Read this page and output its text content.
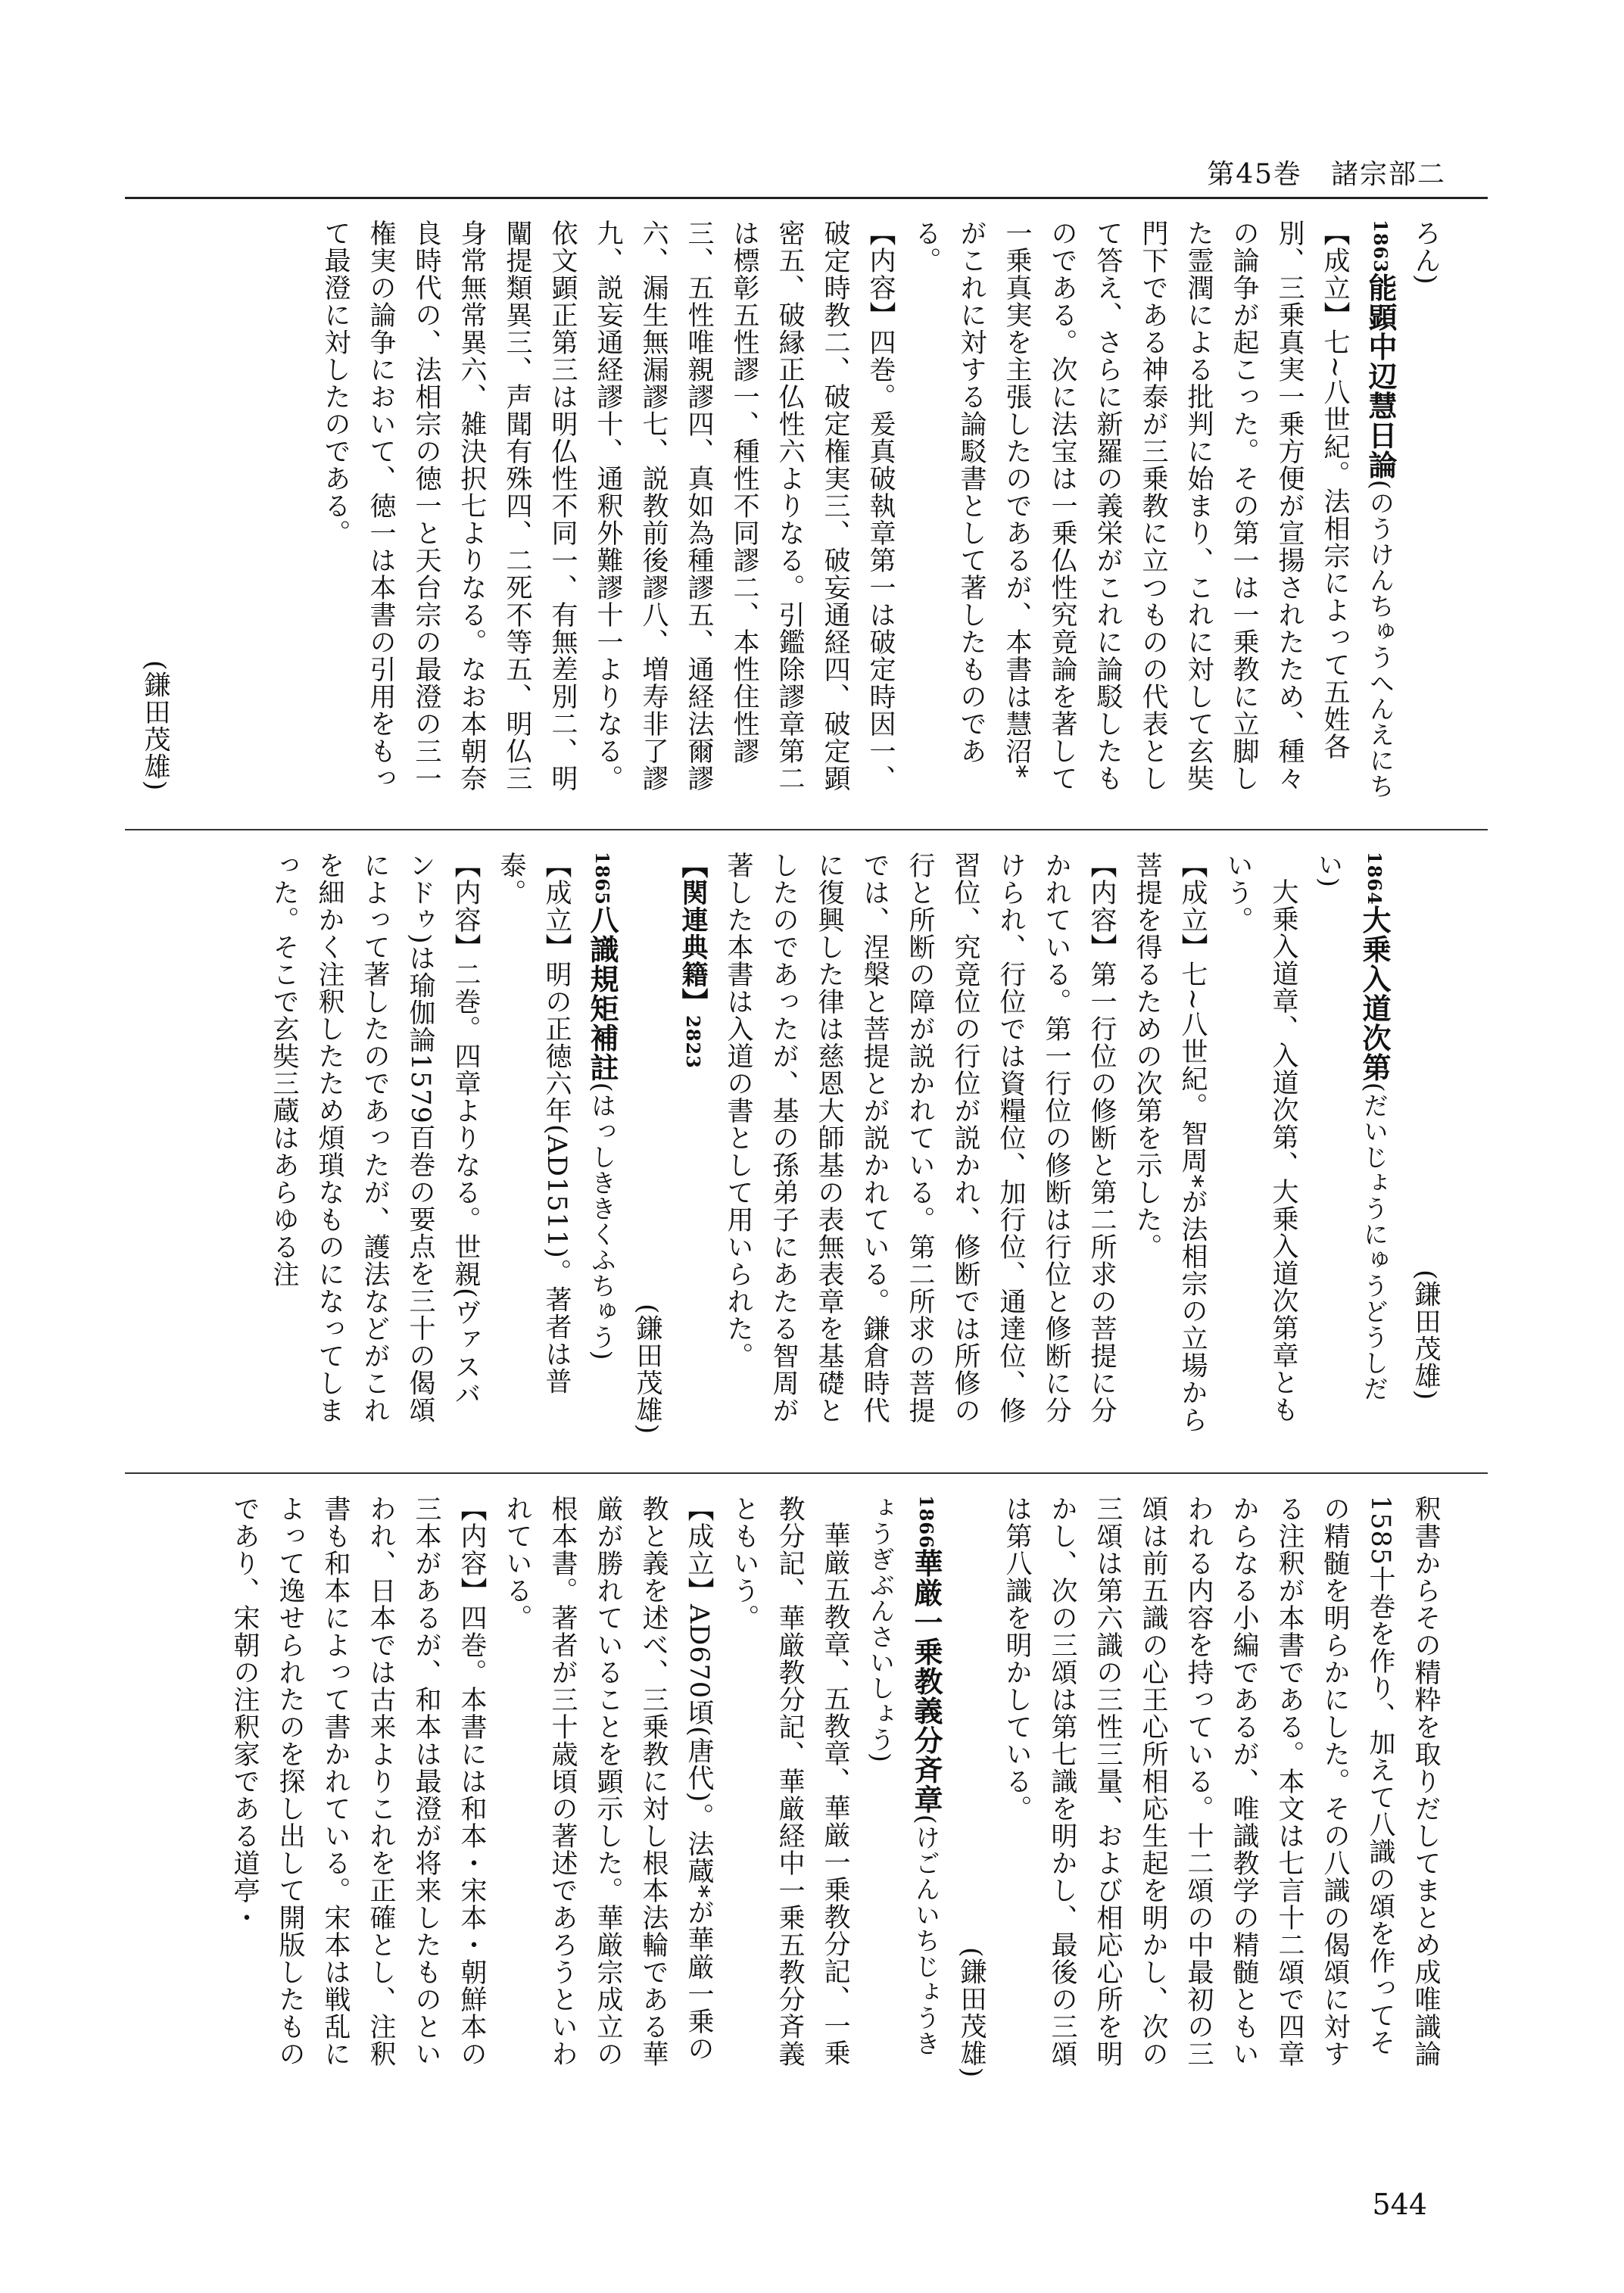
第45巻　諸宗部二

ろん)

1863能顕中辺慧日論(のうけんちゅうへんえにち

【成立】七~八世紀。法相宗によって五姓各別、三乗真実一乗方便が宣揚されたため、種々の論争が起こった。その第一は一乗教に立脚した霊潤による批判に始まり、これに対して玄奘門下である神泰が三乗教に立つものの代表として答え、さらに新羅の義栄がこれに論駁したものである。次に法宝は一乗仏性究竟論を著して一乗真実を主張したのであるが、本書は慧沼*がこれに対する論駁書として著したものである。

【内容】四巻。爰真破執章第一は破定時因一、破定時教二、破定権実三、破妄通経四、破定顕密五、破縁正仏性六よりなる。引鑑除謬章第二は標彰五性謬一、種性不同謬二、本性住性謬三、五性唯親謬四、真如為種謬五、通経法爾謬六、漏生無漏謬七、説教前後謬八、増寿非了謬九、説妄通経謬十、通釈外難謬十一よりなる。依文顕正第三は明仏性不同一、有無差別二、明闡提類異三、声聞有殊四、二死不等五、明仏三身常無常異六、雑決択七よりなる。なお本朝奈良時代の、法相宗の徳一と天台宗の最澄の三一権実の論争において、徳一は本書の引用をもって最澄に対したのである。

(鎌田茂雄)
(鎌田茂雄)

1864大乗入道次第(だいじょうにゅうどうしだい)

大乗入道章、入道次第、大乗入道次第章ともいう。

【成立】七~八世紀。智周*が法相宗の立場から菩提を得るための次第を示した。

【内容】第一行位の修断と第二所求の菩提に分かれている。第一行位の修断は行位と修断に分けられ、行位では資糧位、加行位、通達位、修習位、究竟位の行位が説かれ、修断では所修の行と所断の障が説かれている。第二所求の菩提では、涅槃と菩提とが説かれている。鎌倉時代に復興した律は慈恩大師基の表無表章を基礎としたのであったが、基の孫弟子にあたる智周が著した本書は入道の書として用いられた。

【関連典籍】2823

(鎌田茂雄)

1865八識規矩補註(はっしききくふちゅう)

【成立】明の正徳六年(AD1511)。著者は普泰。

【内容】二巻。四章よりなる。世親(ヴァスバンドゥ)は瑜伽論1579百巻の要点を三十の偈頌によって著したのであったが、護法などがこれを細かく注釈したため煩瑣なものになってしまった。そこで玄奘三蔵はあらゆる注

釈書からその精粋を取りだしてまとめ成唯識論1585十巻を作り、加えて八識の頌を作ってその精髄を明らかにした。その八識の偈頌に対する注釈が本書である。本文は七言十二頌で四章からなる小編であるが、唯識教学の精髄ともいわれる内容を持っている。十二頌の中最初の三頌は前五識の心王心所相応生起を明かし、次の三頌は第六識の三性三量、および相応心所を明かし、次の三頌は第七識を明かし、最後の三頌は第八識を明かしている。

(鎌田茂雄)

1866華厳一乗教義分斉章(けごんいちじょうきょうぎぶんさいしょう)

華厳五教章、五教章、華厳一乗教分記、一乗教分記、華厳教分記、華厳経中一乗五教分斉義ともいう。

【成立】AD670頃(唐代)。法蔵*が華厳一乗の教と義を述べ、三乗教に対し根本法輪である華厳が勝れていることを顕示した。華厳宗成立の根本書。著者が三十歳頃の著述であろうといわれている。

【内容】四巻。本書には和本・宋本・朝鮮本の三本があるが、和本は最澄が将来したものといわれ、日本では古来よりこれを正確とし、注釈書も和本によって書かれている。宋本は戦乱によって逸せられたのを探し出して開版したものであり、宋朝の注釈家である道亭・

544
